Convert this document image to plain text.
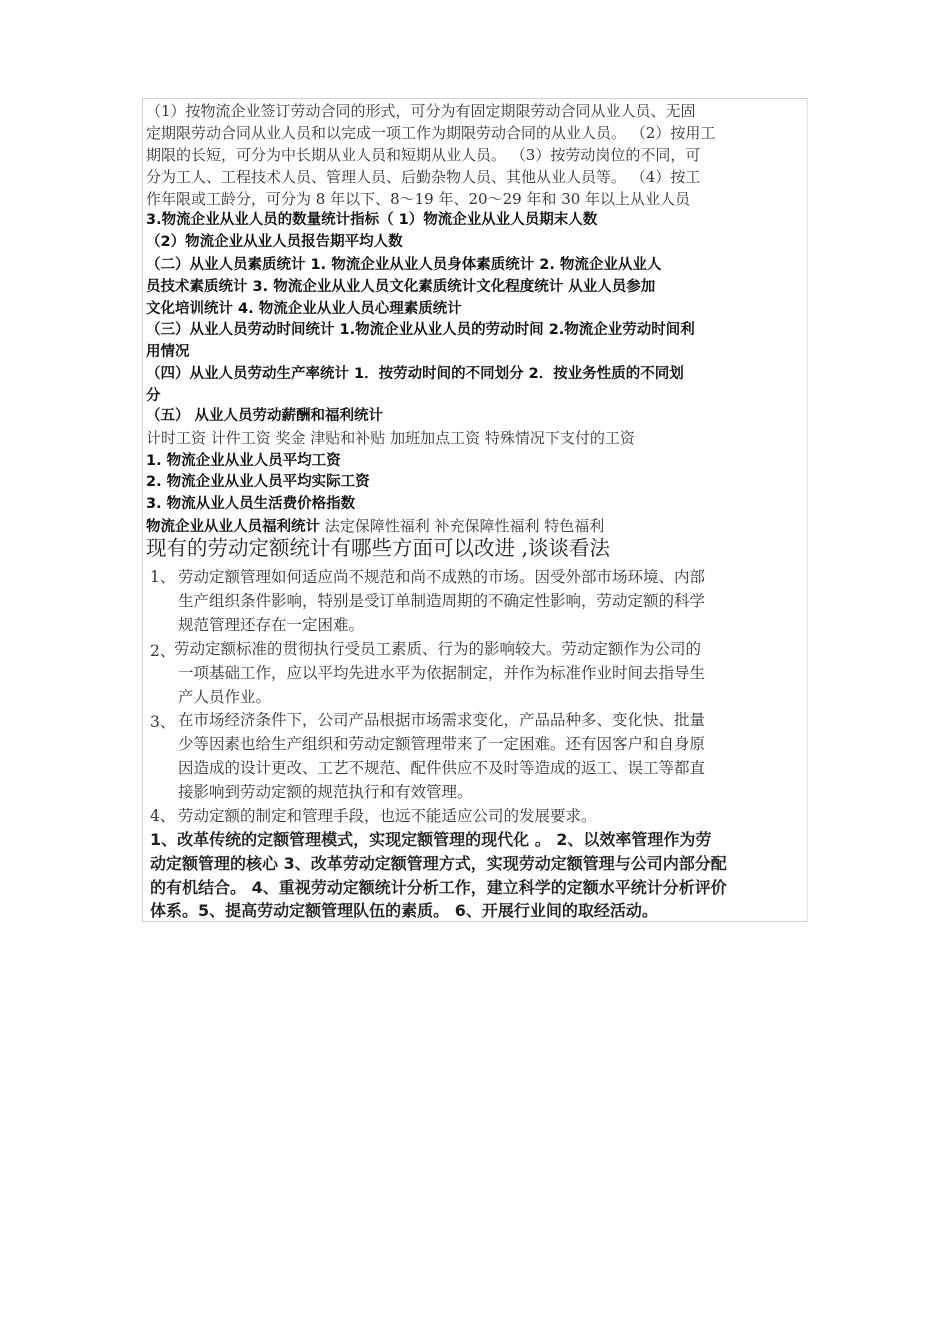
（1）按物流企业签订劳动合同的形式，可分为有固定期限劳动合同从业人员、无固
定期限劳动合同从业人员和以完成一项工作为期限劳动合同的从业人员。 （2）按用工
期限的长短，可分为中长期从业人员和短期从业人员。 （3）按劳动岗位的不同，可
分为工人、工程技术人员、管理人员、后勤杂物人员、其他从业人员等。 （4）按工
作年限或工龄分，可分为 8 年以下、8～19 年、20～29 年和 30 年以上从业人员
3.物流企业从业人员的数量统计指标（ 1）物流企业从业人员期末人数
（2）物流企业从业人员报告期平均人数
（二）从业人员素质统计 1. 物流企业从业人员身体素质统计 2. 物流企业从业人
员技术素质统计 3. 物流企业从业人员文化素质统计文化程度统计 从业人员参加
文化培训统计 4. 物流企业从业人员心理素质统计
（三）从业人员劳动时间统计 1.物流企业从业人员的劳动时间 2.物流企业劳动时间利
用情况
（四）从业人员劳动生产率统计 1．按劳动时间的不同划分 2．按业务性质的不同划
分
（五） 从业人员劳动薪酬和福利统计
计时工资 计件工资 奖金 津贴和补贴 加班加点工资 特殊情况下支付的工资
1. 物流企业从业人员平均工资
2. 物流企业从业人员平均实际工资
3. 物流从业人员生活费价格指数
物流企业从业人员福利统计 法定保障性福利 补充保障性福利 特色福利
现有的劳动定额统计有哪些方面可以改进 ,谈谈看法
1、 劳动定额管理如何适应尚不规范和尚不成熟的市场。因受外部市场环境、内部
生产组织条件影响，特别是受订单制造周期的不确定性影响，劳动定额的科学
规范管理还存在一定困难。
2、
劳动定额标准的贯彻执行受员工素质、行为的影响较大。劳动定额作为公司的
一项基础工作，应以平均先进水平为依据制定，并作为标准作业时间去指导生
产人员作业。
3、 在市场经济条件下，公司产品根据市场需求变化，产品品种多、变化快、批量
少等因素也给生产组织和劳动定额管理带来了一定困难。还有因客户和自身原
因造成的设计更改、工艺不规范、配件供应不及时等造成的返工、误工等都直
接影响到劳动定额的规范执行和有效管理。
4、 劳动定额的制定和管理手段，也远不能适应公司的发展要求。
1、改革传统的定额管理模式，实现定额管理的现代化 。 2、以效率管理作为劳
动定额管理的核心 3、改革劳动定额管理方式，实现劳动定额管理与公司内部分配
的有机结合。 4、重视劳动定额统计分析工作，建立科学的定额水平统计分析评价
体系。5、提高劳动定额管理队伍的素质。 6、开展行业间的取经活动。
